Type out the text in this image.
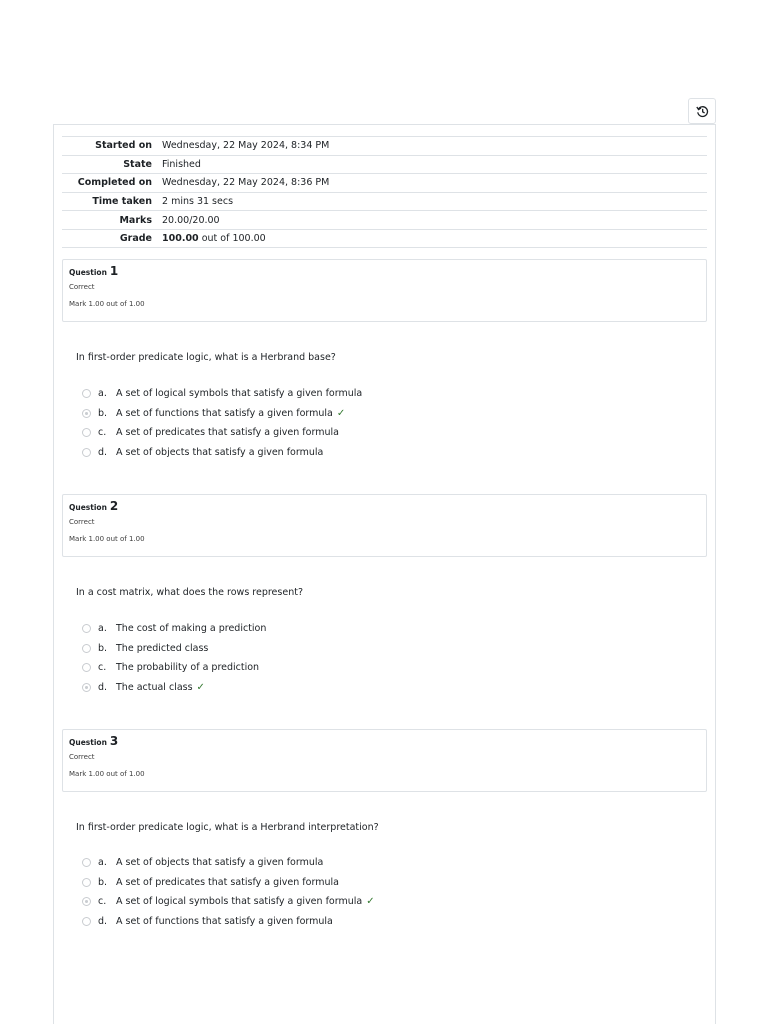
Started on	Wednesday, 22 May 2024, 8:34 PM
State	Finished
Completed on	Wednesday, 22 May 2024, 8:36 PM
Time taken	2 mins 31 secs
Marks	20.00/20.00
Grade	100.00 out of 100.00
Question 1
Correct
Mark 1.00 out of 1.00
In first-order predicate logic, what is a Herbrand base?
a. A set of logical symbols that satisfy a given formula
b. A set of functions that satisfy a given formula ✓
c.	A set of predicates that satisfy a given formula
d. A set of objects that satisfy a given formula
Question 2
Correct
Mark 1.00 out of 1.00
In a cost matrix, what does the rows represent?
a. The cost of making a prediction
b. The predicted class
c.	The probability of a prediction
d. The actual class ✓
Question 3
Correct
Mark 1.00 out of 1.00
In first-order predicate logic, what is a Herbrand interpretation?
a. A set of objects that satisfy a given formula
b. A set of predicates that satisfy a given formula
c.	A set of logical symbols that satisfy a given formula ✓
d. A set of functions that satisfy a given formula
